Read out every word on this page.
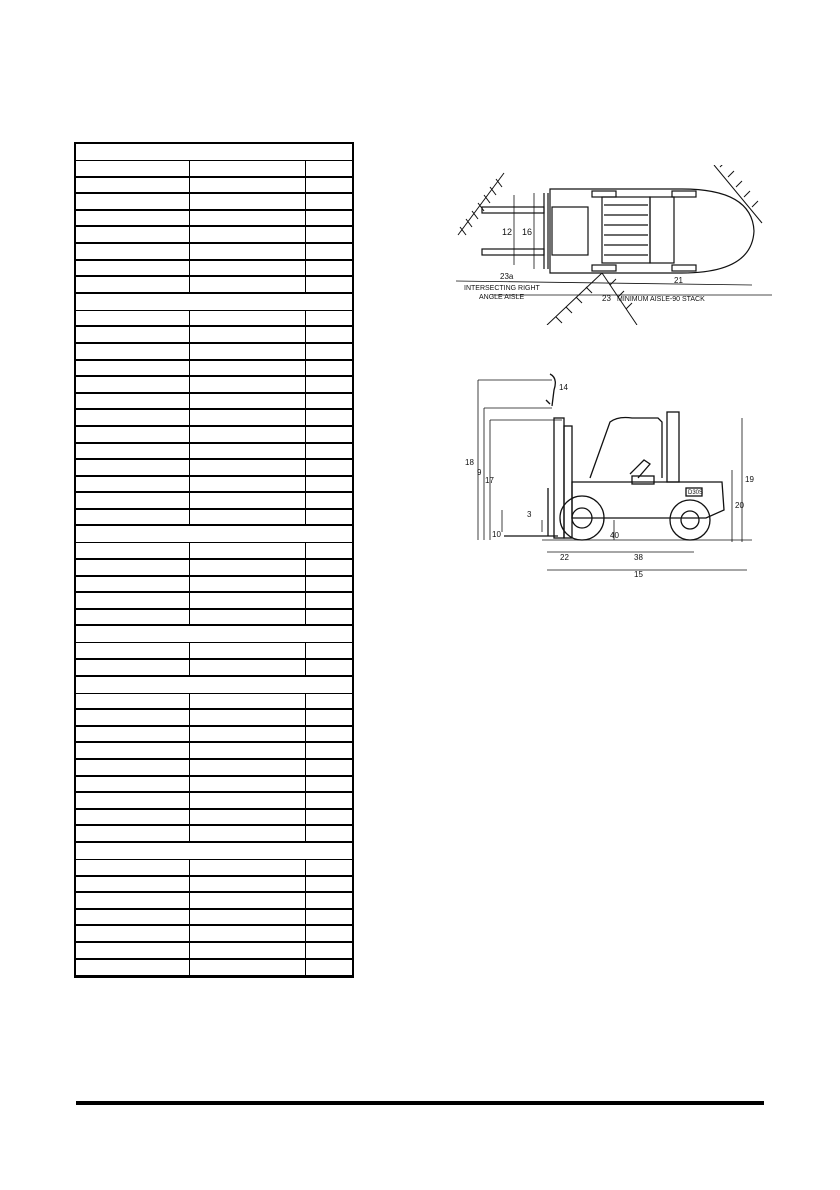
12 16
23a
INTERSECTING RIGHT
ANGLE AISLE
21
23 MINIMUM AISLE-90 STACK
14
18
9
17
3
10	40
22	38
15
19
20
D30S
